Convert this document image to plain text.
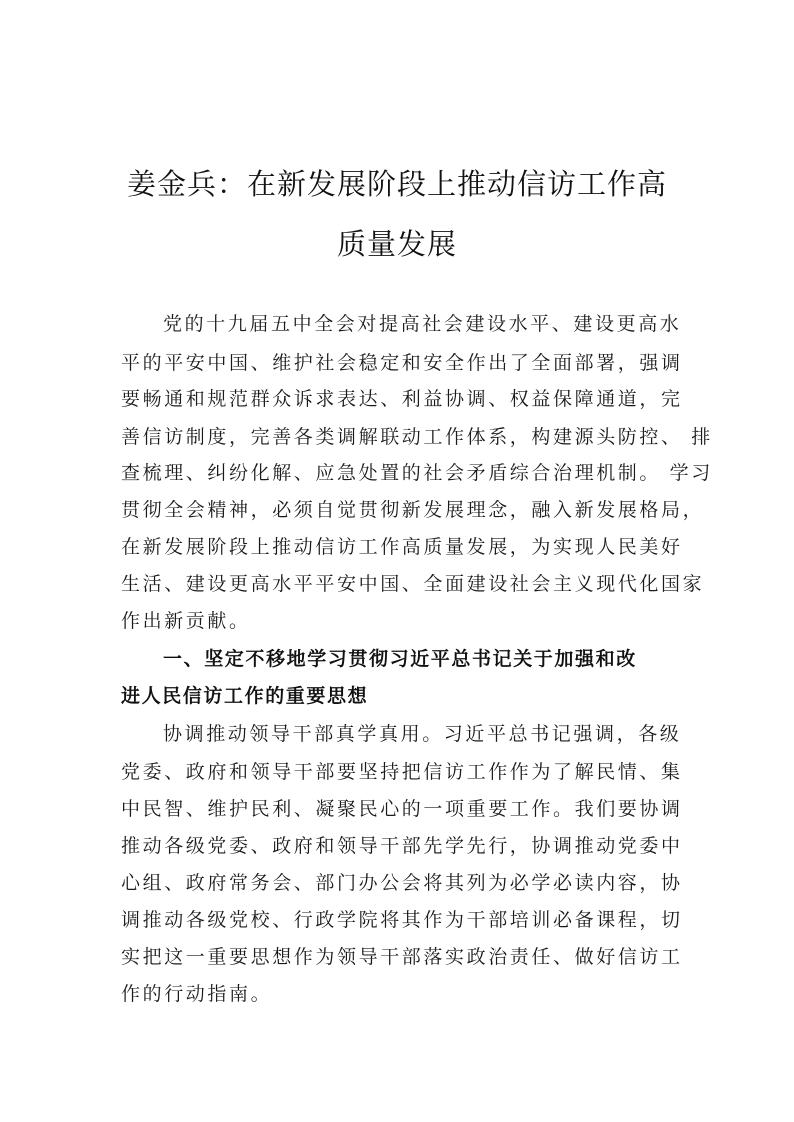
姜金兵：在新发展阶段上推动信访工作高
质量发展
党的十九届五中全会对提高社会建设水平、建设更高水
平的平安中国、维护社会稳定和安全作出了全面部署，强调
要畅通和规范群众诉求表达、利益协调、权益保障通道，完
善信访制度，完善各类调解联动工作体系，构建源头防控、 排
查梳理、纠纷化解、应急处置的社会矛盾综合治理机制。 学习
贯彻全会精神，必须自觉贯彻新发展理念，融入新发展格局，
在新发展阶段上推动信访工作高质量发展，为实现人民美好
生活、建设更高水平平安中国、全面建设社会主义现代化国家
作出新贡献。
一、坚定不移地学习贯彻习近平总书记关于加强和改
进人民信访工作的重要思想
协调推动领导干部真学真用。习近平总书记强调，各级
党委、政府和领导干部要坚持把信访工作作为了解民情、集
中民智、维护民利、凝聚民心的一项重要工作。我们要协调
推动各级党委、政府和领导干部先学先行，协调推动党委中
心组、政府常务会、部门办公会将其列为必学必读内容，协
调推动各级党校、行政学院将其作为干部培训必备课程，切
实把这一重要思想作为领导干部落实政治责任、做好信访工
作的行动指南。
